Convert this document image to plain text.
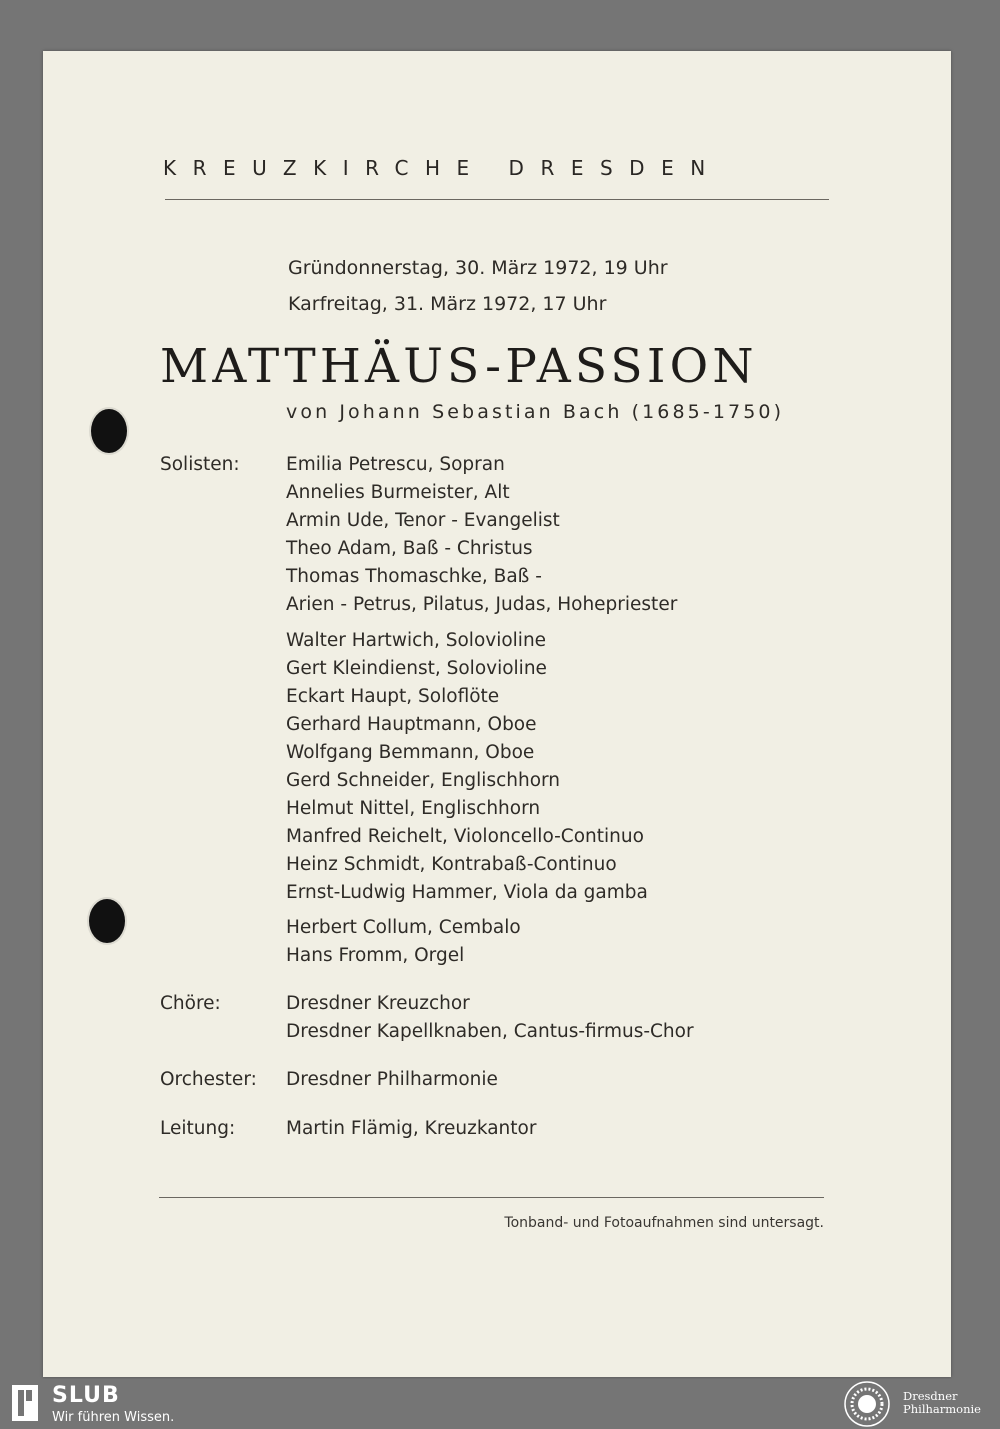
KREUZKIRCHE DRESDEN
Gründonnerstag, 30. März 1972, 19 Uhr
Karfreitag, 31. März 1972, 17 Uhr
MATTHÄUS-PASSION
von Johann Sebastian Bach (1685-1750)
Solisten:	Emilia Petrescu, Sopran
Annelies Burmeister, Alt
Armin Ude, Tenor - Evangelist
Theo Adam, Baß - Christus
Thomas Thomaschke, Baß -
Arien - Petrus, Pilatus, Judas, Hohepriester
Walter Hartwich, Solovioline
Gert Kleindienst, Solovioline
Eckart Haupt, Soloflöte
Gerhard Hauptmann, Oboe
Wolfgang Bemmann, Oboe
Gerd Schneider, Englischhorn
Helmut Nittel, Englischhorn
Manfred Reichelt, Violoncello-Continuo
Heinz Schmidt, Kontrabaß-Continuo
Ernst-Ludwig Hammer, Viola da gamba
Herbert Collum, Cembalo
Hans Fromm, Orgel
Chöre:	Dresdner Kreuzchor
Dresdner Kapellknaben, Cantus-firmus-Chor
Orchester: Dresdner Philharmonie
Leitung:	Martin Flämig, Kreuzkantor
Tonband- und Fotoaufnahmen sind untersagt.
SLUB
Wir führen Wissen.
Dresdner
Philharmonie
